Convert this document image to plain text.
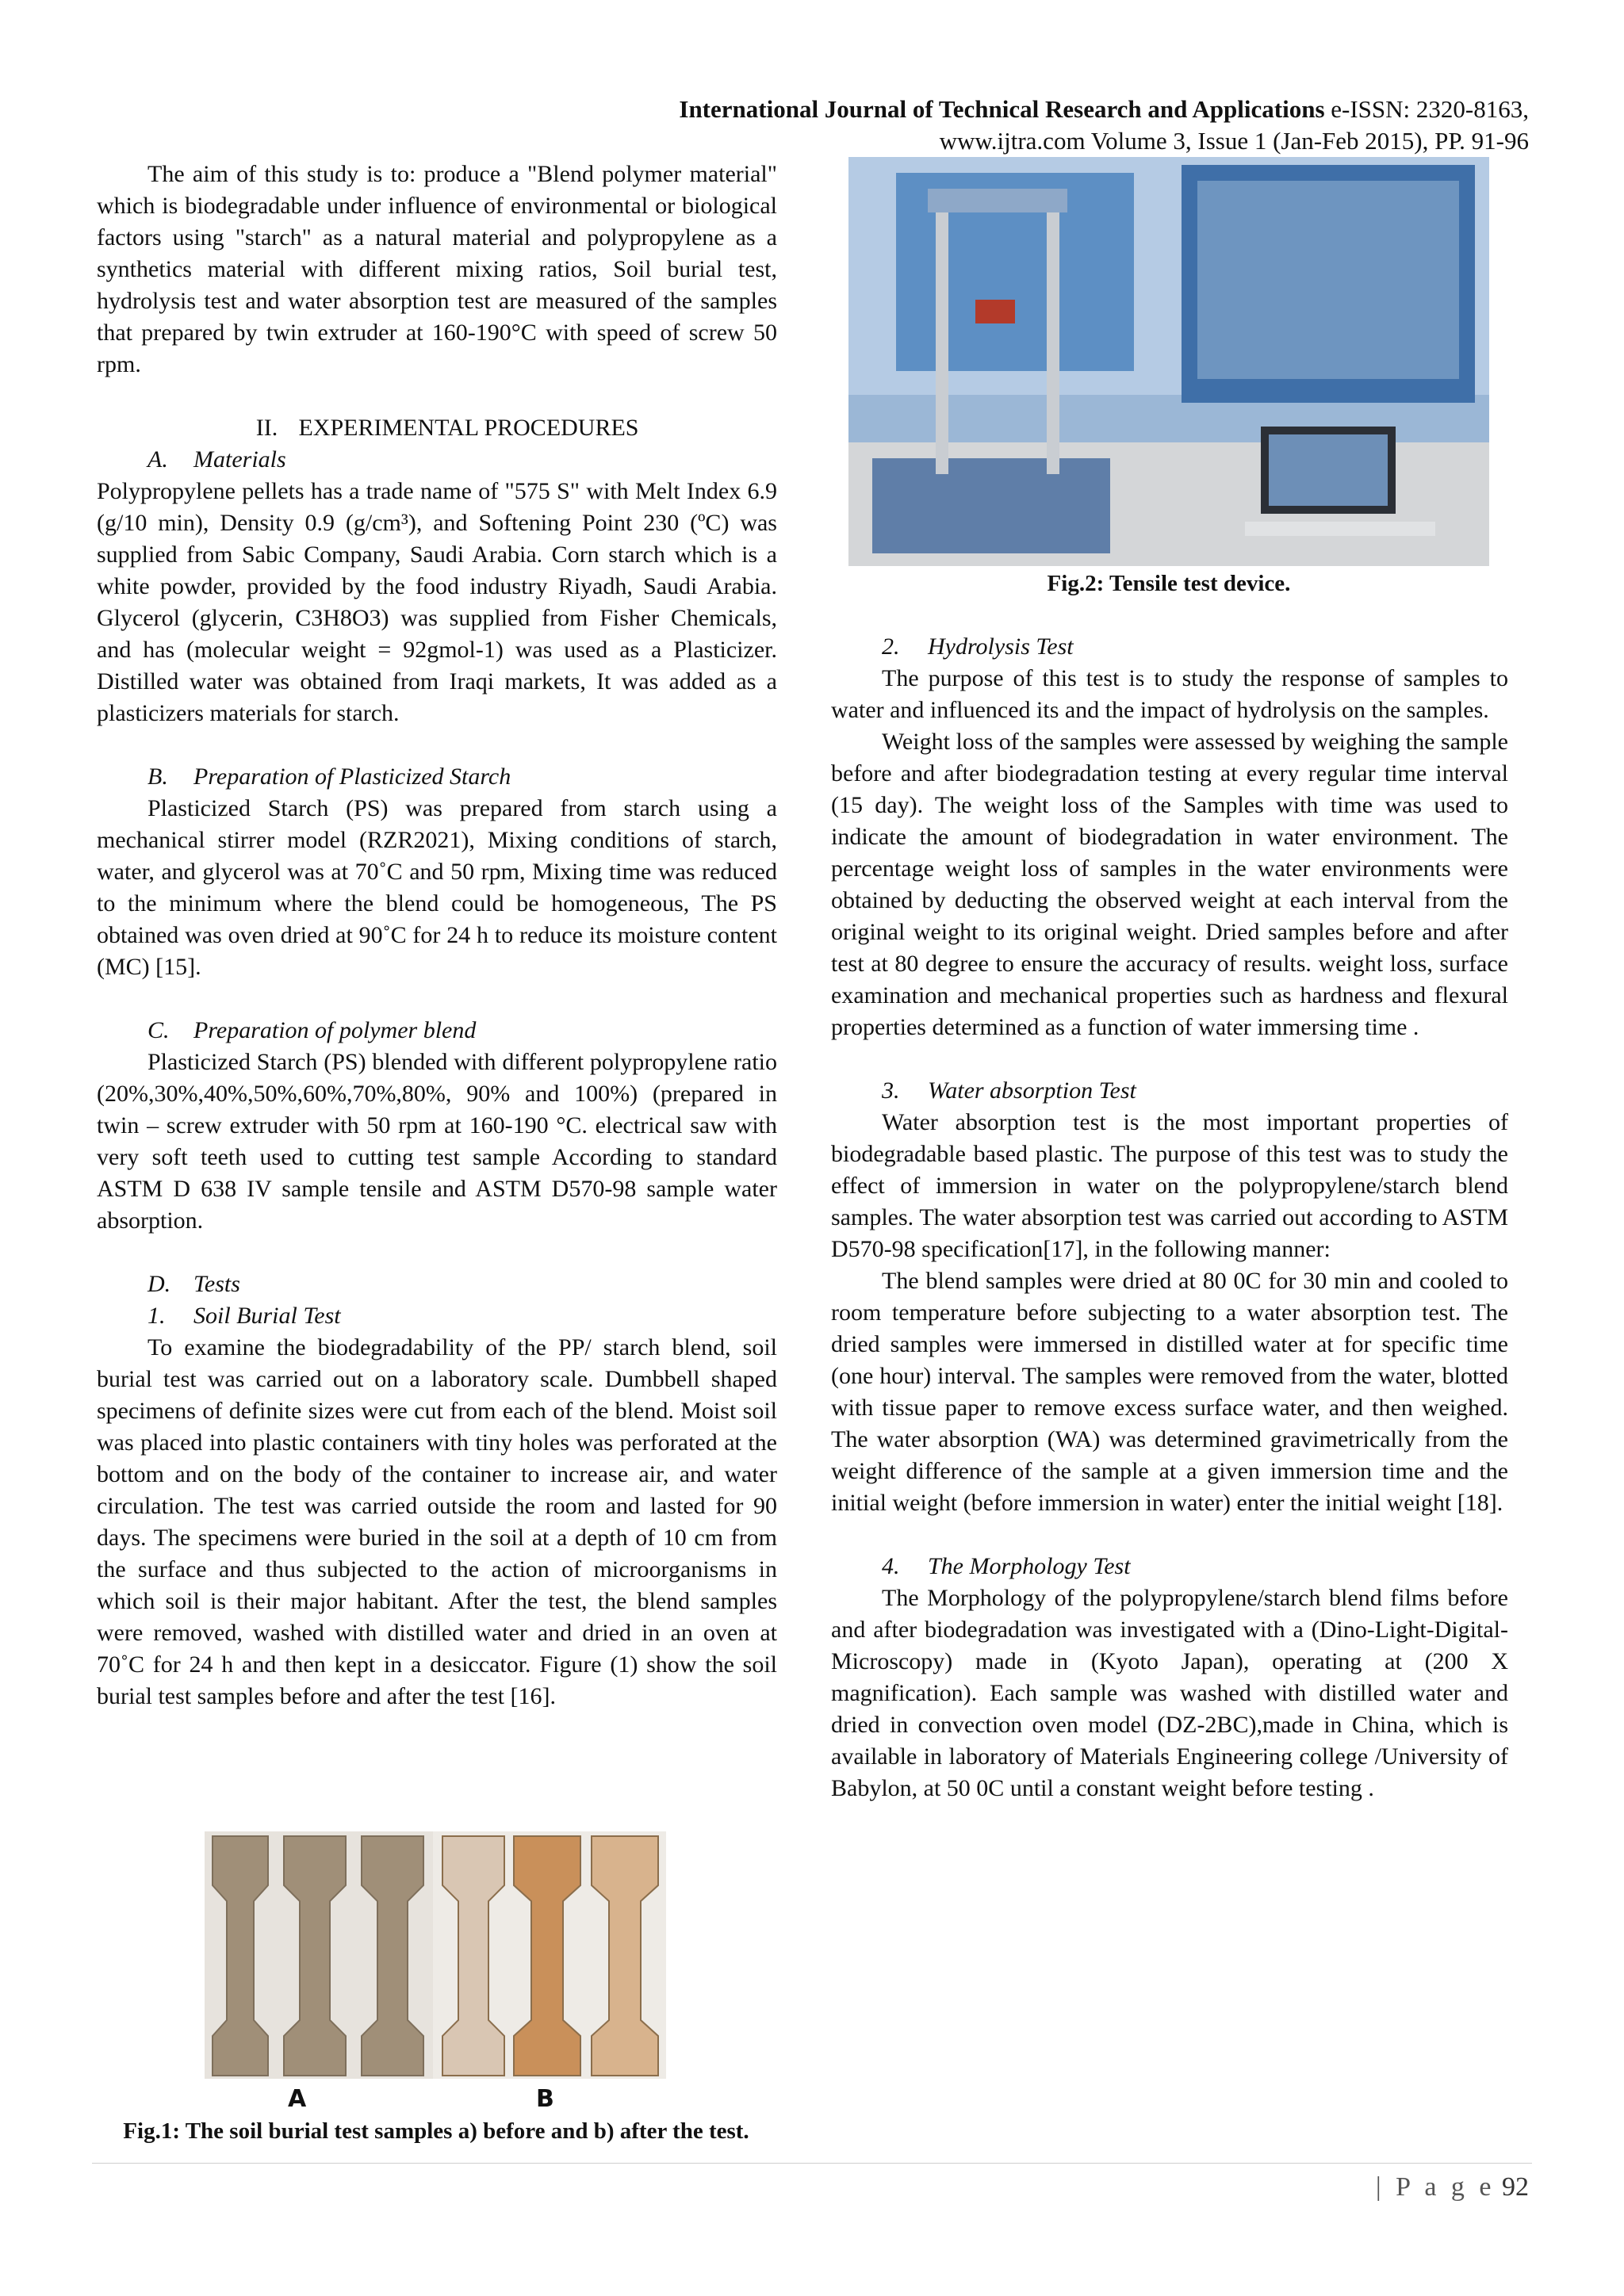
International Journal of Technical Research and Applications e-ISSN: 2320-8163,
www.ijtra.com Volume 3, Issue 1 (Jan-Feb 2015), PP. 91-96

The aim of this study is to: produce a "Blend polymer material" which is biodegradable under influence of environmental or biological factors using "starch" as a natural material and polypropylene as a synthetics material with different mixing ratios, Soil burial test, hydrolysis test and water absorption test are measured of the samples that prepared by twin extruder at 160-190°C with speed of screw 50 rpm.

II. EXPERIMENTAL PROCEDURES

A. Materials

Polypropylene pellets has a trade name of "575 S" with Melt Index 6.9 (g/10 min), Density 0.9 (g/cm³), and Softening Point 230 (ºC) was supplied from Sabic Company, Saudi Arabia. Corn starch which is a white powder, provided by the food industry Riyadh, Saudi Arabia. Glycerol (glycerin, C3H8O3) was supplied from Fisher Chemicals, and has (molecular weight = 92gmol-1) was used as a Plasticizer. Distilled water was obtained from Iraqi markets, It was added as a plasticizers materials for starch.

B. Preparation of Plasticized Starch

Plasticized Starch (PS) was prepared from starch using a mechanical stirrer model (RZR2021), Mixing conditions of starch, water, and glycerol was at 70˚C and 50 rpm, Mixing time was reduced to the minimum where the blend could be homogeneous, The PS obtained was oven dried at 90˚C for 24 h to reduce its moisture content (MC) [15].

C. Preparation of polymer blend

Plasticized Starch (PS) blended with different polypropylene ratio (20%,30%,40%,50%,60%,70%,80%, 90% and 100%) (prepared in twin – screw extruder with 50 rpm at 160-190 °C. electrical saw with very soft teeth used to cutting test sample According to standard ASTM D 638 IV sample tensile and ASTM D570-98 sample water absorption.

D. Tests

1. Soil Burial Test

To examine the biodegradability of the PP/ starch blend, soil burial test was carried out on a laboratory scale. Dumbbell shaped specimens of definite sizes were cut from each of the blend. Moist soil was placed into plastic containers with tiny holes was perforated at the bottom and on the body of the container to increase air, and water circulation. The test was carried outside the room and lasted for 90 days. The specimens were buried in the soil at a depth of 10 cm from the surface and thus subjected to the action of microorganisms in which soil is their major habitant. After the test, the blend samples were removed, washed with distilled water and dried in an oven at 70˚C for 24 h and then kept in a desiccator. Figure (1) show the soil burial test samples before and after the test [16].

A	B
Fig.1: The soil burial test samples a) before and b) after the test.
Fig.2: Tensile test device.

2. Hydrolysis Test

The purpose of this test is to study the response of samples to water and influenced its and the impact of hydrolysis on the samples.

Weight loss of the samples were assessed by weighing the sample before and after biodegradation testing at every regular time interval (15 day). The weight loss of the Samples with time was used to indicate the amount of biodegradation in water environment. The percentage weight loss of samples in the water environments were obtained by deducting the observed weight at each interval from the original weight to its original weight. Dried samples before and after test at 80 degree to ensure the accuracy of results. weight loss, surface examination and mechanical properties such as hardness and flexural properties determined as a function of water immersing time .

3. Water absorption Test

Water absorption test is the most important properties of biodegradable based plastic. The purpose of this test was to study the effect of immersion in water on the polypropylene/starch blend samples. The water absorption test was carried out according to ASTM D570-98 specification[17], in the following manner:

The blend samples were dried at 80 0C for 30 min and cooled to room temperature before subjecting to a water absorption test. The dried samples were immersed in distilled water at for specific time (one hour) interval. The samples were removed from the water, blotted with tissue paper to remove excess surface water, and then weighed. The water absorption (WA) was determined gravimetrically from the weight difference of the sample at a given immersion time and the initial weight (before immersion in water) enter the initial weight [18].

4. The Morphology Test

The Morphology of the polypropylene/starch blend films before and after biodegradation was investigated with a (Dino-Light-Digital-Microscopy) made in (Kyoto Japan), operating at (200 X magnification). Each sample was washed with distilled water and dried in convection oven model (DZ-2BC),made in China, which is available in laboratory of Materials Engineering college /University of Babylon, at 50 0C until a constant weight before testing .

| P a g e 92
